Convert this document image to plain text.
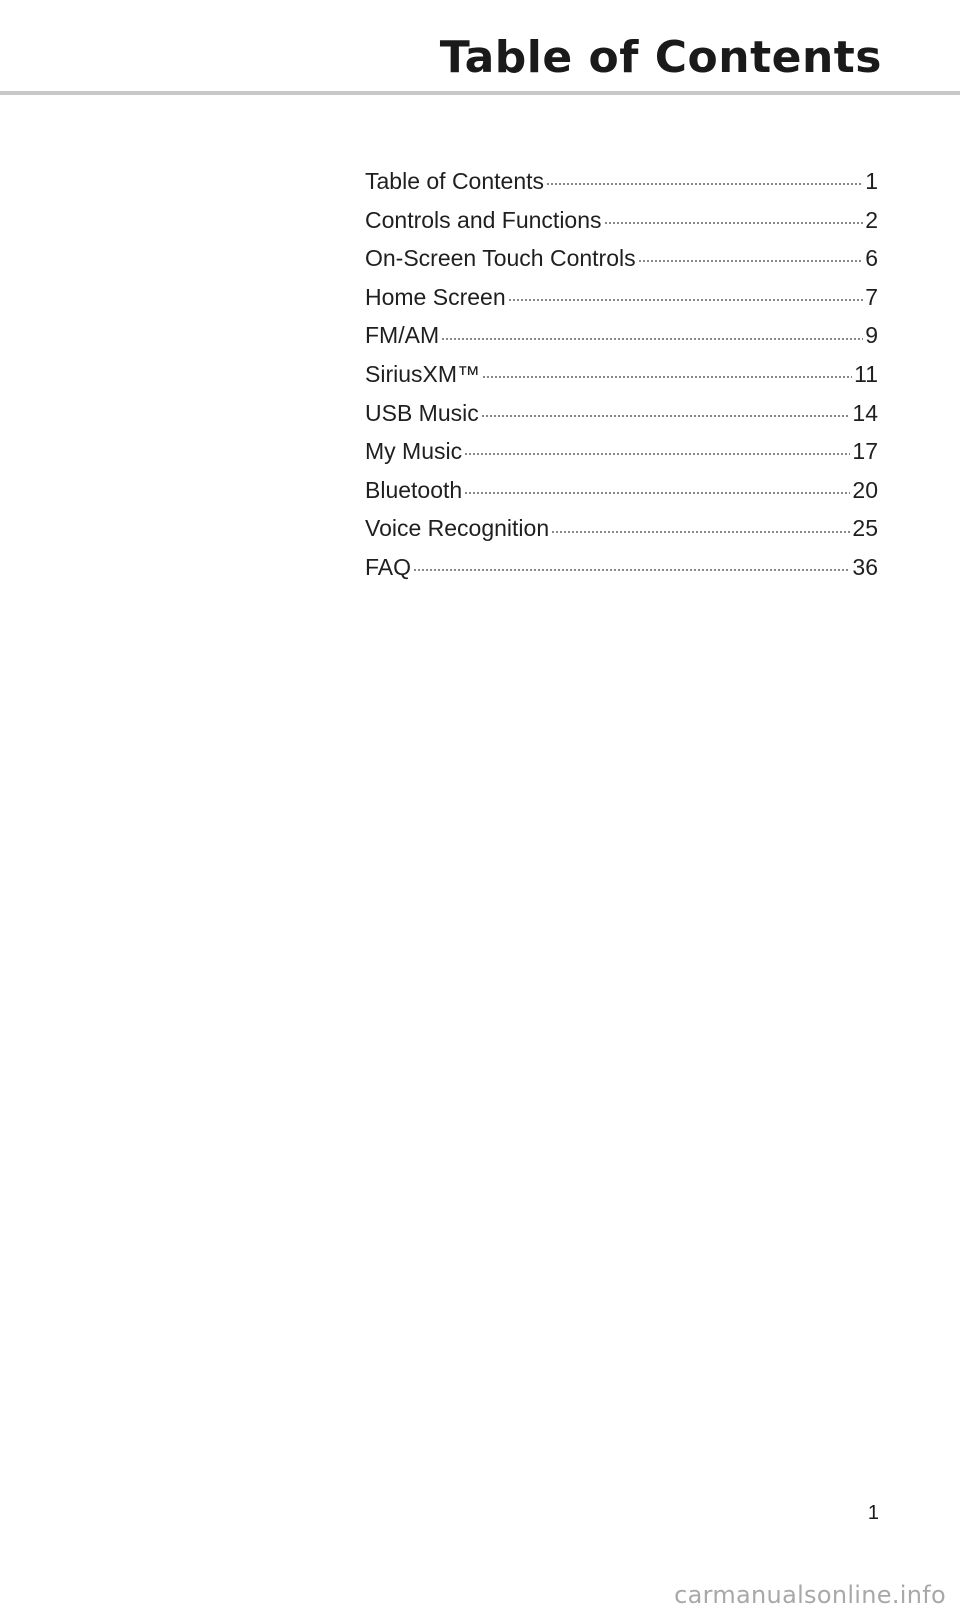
Table of Contents
Table of Contents	1
Controls and Functions	2
On-Screen Touch Controls	6
Home Screen	7
FM/AM	9
SiriusXM™	11
USB Music	14
My Music	17
Bluetooth	20
Voice Recognition	25
FAQ	36
1
carmanualsonline.info
